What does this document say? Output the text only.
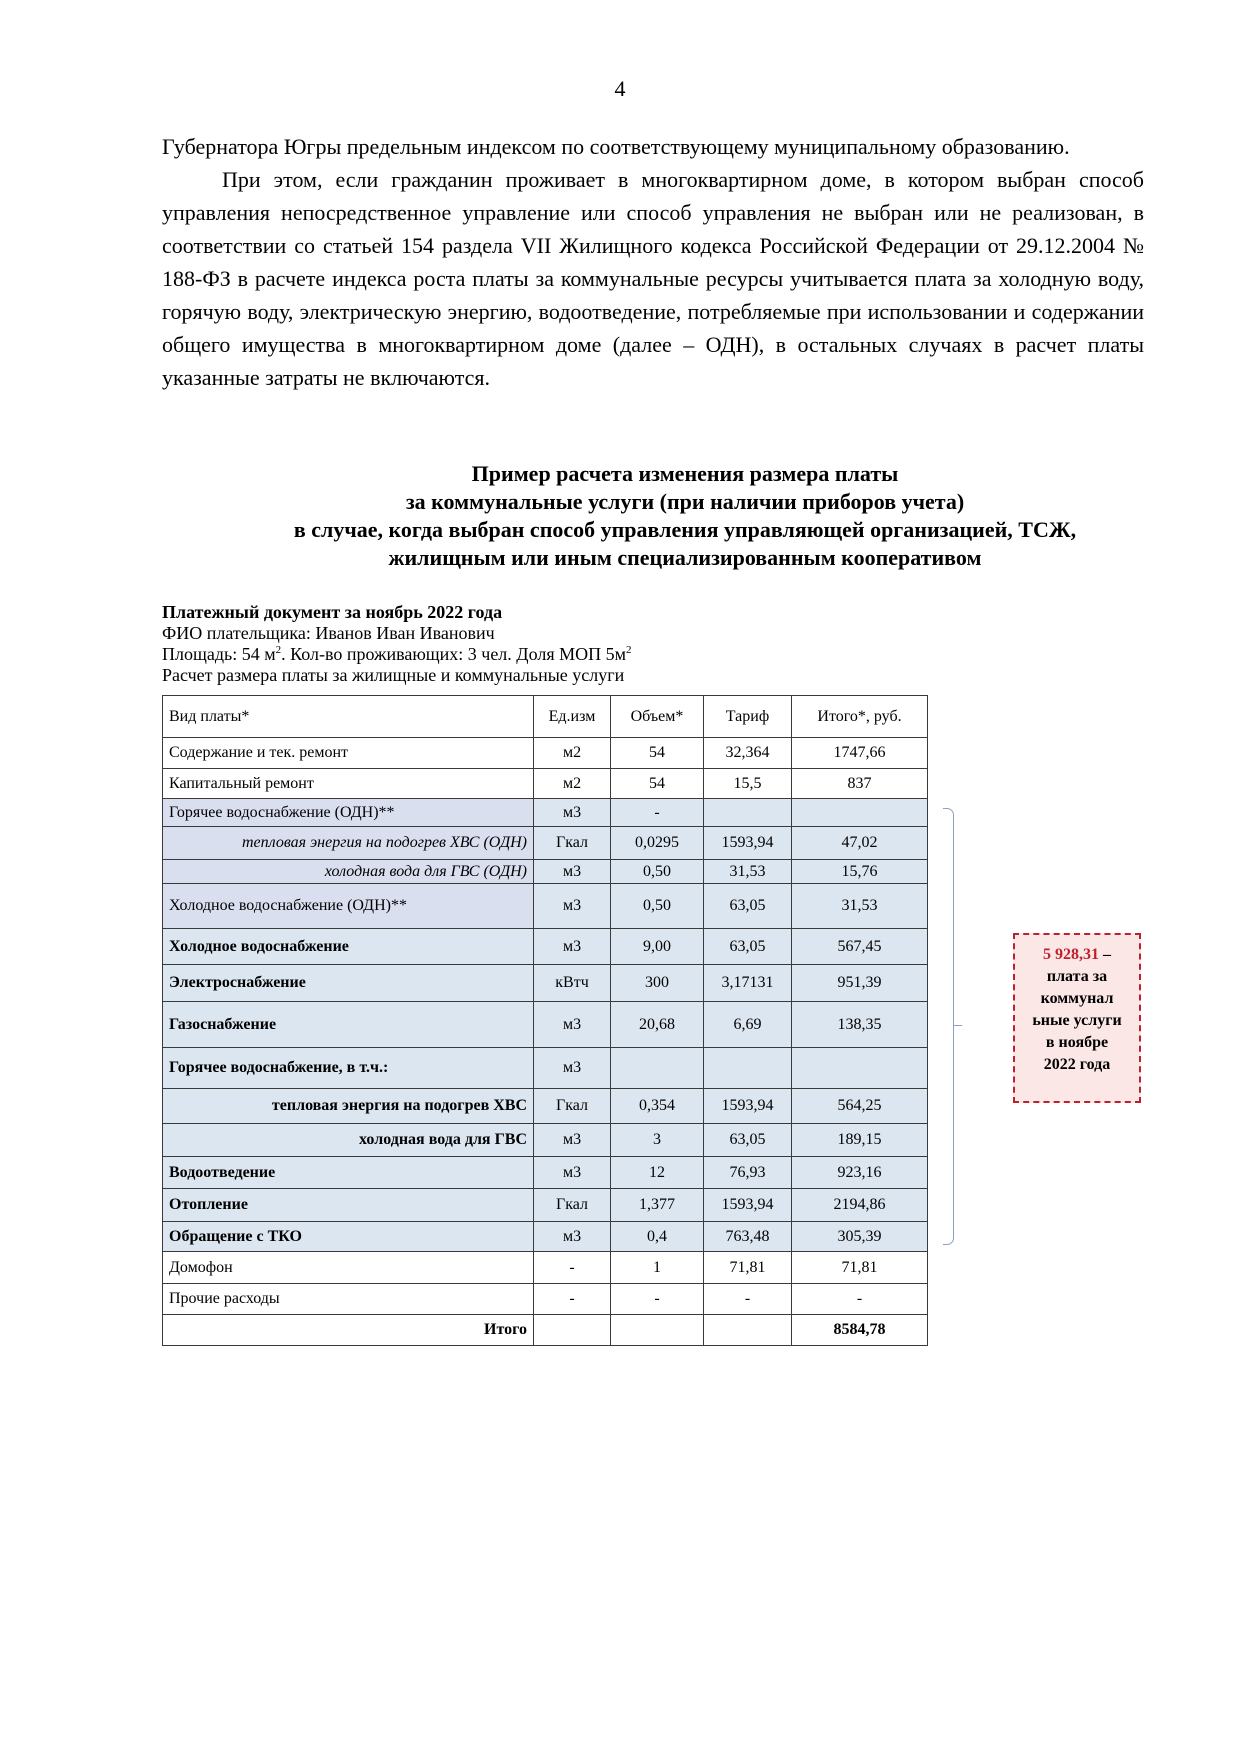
4

Губернатора Югры предельным индексом по соответствующему муниципальному образованию.

При этом, если гражданин проживает в многоквартирном доме, в котором выбран способ управления непосредственное управление или способ управления не выбран или не реализован, в соответствии со статьей 154 раздела VII Жилищного кодекса Российской Федерации от 29.12.2004 № 188-ФЗ в расчете индекса роста платы за коммунальные ресурсы учитывается плата за холодную воду, горячую воду, электрическую энергию, водоотведение, потребляемые при использовании и содержании общего имущества в многоквартирном доме (далее – ОДН), в остальных случаях в расчет платы указанные затраты не включаются.

Пример расчета изменения размера платы
за коммунальные услуги (при наличии приборов учета)
в случае, когда выбран способ управления управляющей организацией, ТСЖ,
жилищным или иным специализированным кооперативом
Платежный документ за ноябрь 2022 года
ФИО плательщика: Иванов Иван Иванович
Площадь: 54 $м^2$. Кол-во проживающих: 3 чел. Доля МОП $5м^2$
Расчет размера платы за жилищные и коммунальные услуги
Вид платы*	Ед.изм	Объем*	Тариф	Итого*, руб.
Содержание и тек. ремонт	м2	54	32,364	1747,66
Капитальный ремонт	м2	54	15,5	837
Горячее водоснабжение (ОДН)**	м3	-		
тепловая энергия на подогрев ХВС (ОДН)	Гкал	0,0295	1593,94	47,02
холодная вода для ГВС (ОДН)	м3	0,50	31,53	15,76
Холодное водоснабжение (ОДН)**	м3	0,50	63,05	31,53
Холодное водоснабжение	м3	9,00	63,05	567,45
Электроснабжение	кВтч	300	3,17131	951,39
Газоснабжение	м3	20,68	6,69	138,35
Горячее водоснабжение, в т.ч.:	м3			
тепловая энергия на подогрев ХВС	Гкал	0,354	1593,94	564,25
холодная вода для ГВС	м3	3	63,05	189,15
Водоотведение	м3	12	76,93	923,16
Отопление	Гкал	1,377	1593,94	2194,86
Обращение с ТКО	м3	0,4	763,48	305,39
Домофон	-	1	71,81	71,81
Прочие расходы	-	-	-	-
Итого				8584,78
5 928,31 –
плата за
коммунал
ьные услуги
в ноябре
2022 года
